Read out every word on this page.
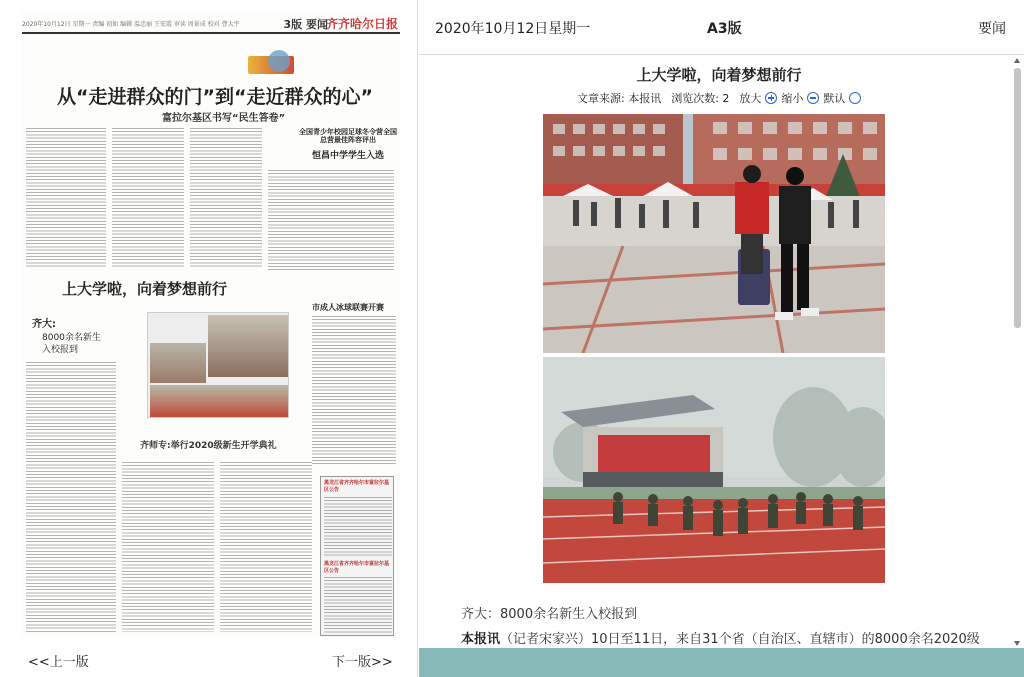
2020年10月12日 星期一 责编 初如 编辑 温忠丽 王宏霞 审读 周景成 校对 曹大宇	3版 要闻
齐齐哈尔日报
从“走进群众的门”到“走近群众的心”
富拉尔基区书写“民生答卷”
全国青少年校园足球冬令营全国总营最佳阵容评出
恒昌中学学生入选
上大学啦，向着梦想前行
市成人冰球联赛开赛
齐大:
8000余名新生
入校报到
齐师专:举行2020级新生开学典礼
黑龙江省齐齐哈尔市富拉尔基区公告
黑龙江省齐齐哈尔市富拉尔基区公告
<<上一版	下一版>>
2020年10月12日星期一	A3版	要闻
上大学啦，向着梦想前行
文章来源: 本报讯 浏览次数: 2 放大 缩小 默认
齐大：8000余名新生入校报到
本报讯（记者宋家兴）10日至11日，来自31个省（自治区、直辖市）的8000余名2020级
